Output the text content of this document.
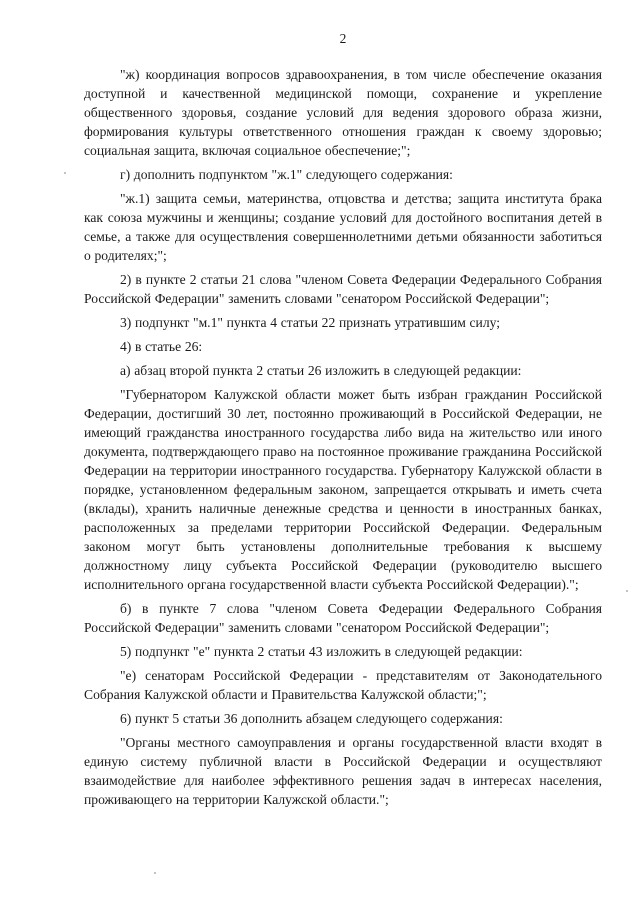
2

"ж) координация вопросов здравоохранения, в том числе обеспечение оказания доступной и качественной медицинской помощи, сохранение и укрепление общественного здоровья, создание условий для ведения здорового образа жизни, формирования культуры ответственного отношения граждан к своему здоровью; социальная защита, включая социальное обеспечение;";

г) дополнить подпунктом "ж.1" следующего содержания:

"ж.1) защита семьи, материнства, отцовства и детства; защита института брака как союза мужчины и женщины; создание условий для достойного воспитания детей в семье, а также для осуществления совершеннолетними детьми обязанности заботиться о родителях;";

2) в пункте 2 статьи 21 слова "членом Совета Федерации Федерального Собрания Российской Федерации" заменить словами "сенатором Российской Федерации";

3) подпункт "м.1" пункта 4 статьи 22 признать утратившим силу;

4) в статье 26:

а) абзац второй пункта 2 статьи 26 изложить в следующей редакции:

"Губернатором Калужской области может быть избран гражданин Российской Федерации, достигший 30 лет, постоянно проживающий в Российской Федерации, не имеющий гражданства иностранного государства либо вида на жительство или иного документа, подтверждающего право на постоянное проживание гражданина Российской Федерации на территории иностранного государства. Губернатору Калужской области в порядке, установленном федеральным законом, запрещается открывать и иметь счета (вклады), хранить наличные денежные средства и ценности в иностранных банках, расположенных за пределами территории Российской Федерации. Федеральным законом могут быть установлены дополнительные требования к высшему должностному лицу субъекта Российской Федерации (руководителю высшего исполнительного органа государственной власти субъекта Российской Федерации).";

б) в пункте 7 слова "членом Совета Федерации Федерального Собрания Российской Федерации" заменить словами "сенатором Российской Федерации";

5) подпункт "е" пункта 2 статьи 43 изложить в следующей редакции:

"е) сенаторам Российской Федерации - представителям от Законодательного Собрания Калужской области и Правительства Калужской области;";

6) пункт 5 статьи 36 дополнить абзацем следующего содержания:

"Органы местного самоуправления и органы государственной власти входят в единую систему публичной власти в Российской Федерации и осуществляют взаимодействие для наиболее эффективного решения задач в интересах населения, проживающего на территории Калужской области.";
